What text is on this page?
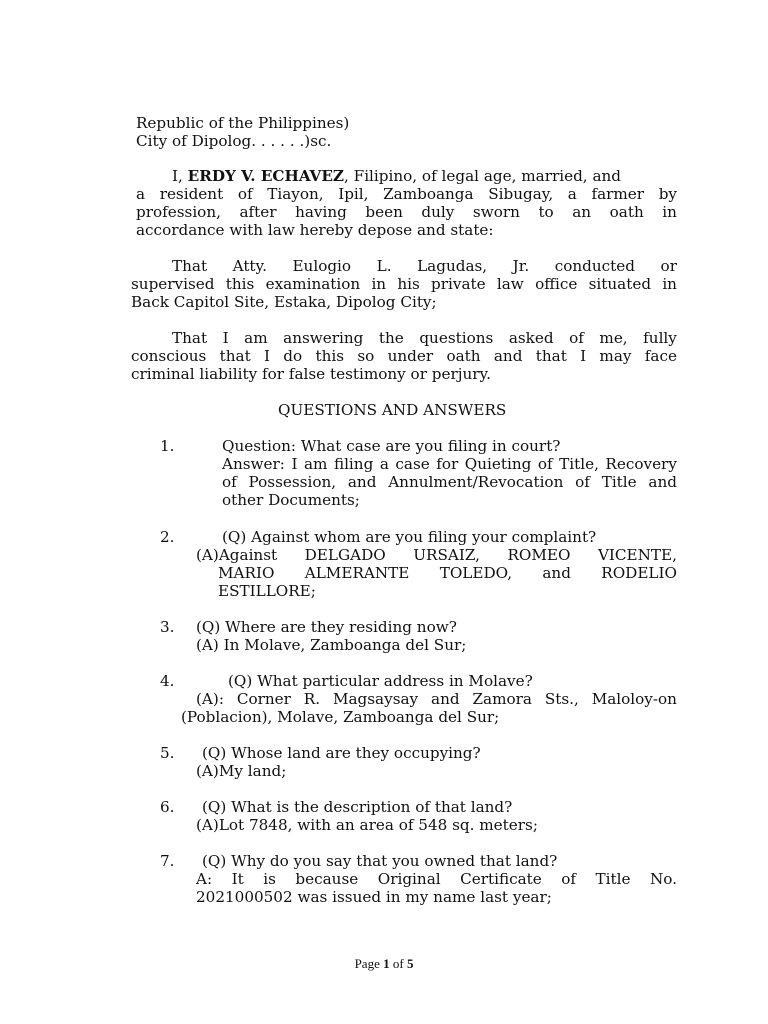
Republic of the Philippines)
City of Dipolog. . . . . .)sc.
I, ERDY V. ECHAVEZ, Filipino, of legal age, married, and
a resident of Tiayon, Ipil, Zamboanga Sibugay, a farmer by
profession, after having been duly sworn to an oath in
accordance with law hereby depose and state:
That Atty. Eulogio L. Lagudas, Jr. conducted or
supervised this examination in his private law office situated in
Back Capitol Site, Estaka, Dipolog City;
That I am answering the questions asked of me, fully
conscious that I do this so under oath and that I may face
criminal liability for false testimony or perjury.
QUESTIONS AND ANSWERS
1.	Question: What case are you filing in court?
Answer: I am filing a case for Quieting of Title, Recovery
of Possession, and Annulment/Revocation of Title and
other Documents;
2.	(Q) Against whom are you filing your complaint?
(A)Against DELGADO URSAIZ, ROMEO VICENTE,
MARIO ALMERANTE TOLEDO, and RODELIO
ESTILLORE;
3. (Q) Where are they residing now?
(A) In Molave, Zamboanga del Sur;
4.	(Q) What particular address in Molave?
(A): Corner R. Magsaysay and Zamora Sts., Maloloy-on
(Poblacion), Molave, Zamboanga del Sur;
5. (Q) Whose land are they occupying?
(A)My land;
6. (Q) What is the description of that land?
(A)Lot 7848, with an area of 548 sq. meters;
7. (Q) Why do you say that you owned that land?
A: It is because Original Certificate of Title No.
2021000502 was issued in my name last year;
Page 1 of 5
